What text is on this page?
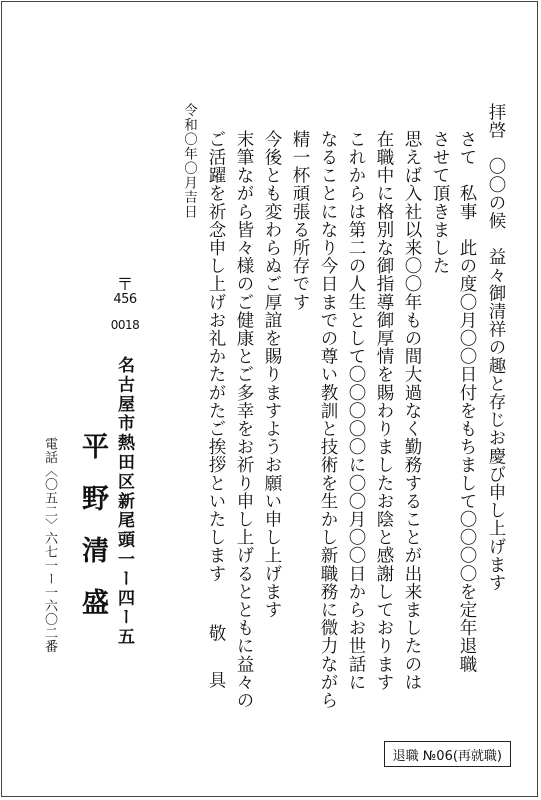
拝啓　〇〇の候　益々御清祥の趣と存じお慶び申し上げます
さて　私事　此の度〇月〇〇日付をもちまして〇〇〇〇を定年退職
させて頂きました
思えば入社以来〇〇年もの間大過なく勤務することが出来ましたのは
在職中に格別な御指導御厚情を賜わりましたお陰と感謝しております
これからは第二の人生として〇〇〇〇〇に〇〇月〇〇日からお世話に
なることになり今日までの尊い教訓と技術を生かし新職務に微力ながら
精一杯頑張る所存です
今後とも変わらぬご厚誼を賜りますようお願い申し上げます
末筆ながら皆々様のご健康とご多幸をお祈り申し上げるとともに益々の
ご活躍を祈念申し上げお礼かたがたご挨拶といたします
敬　具
令和〇年〇月吉日
〒
456
0018
名古屋市熱田区新尾頭一ー四ー五
平　野　清　盛
電話〈〇五二〉六七一ー一六〇二番
退職 №06(再就職)
